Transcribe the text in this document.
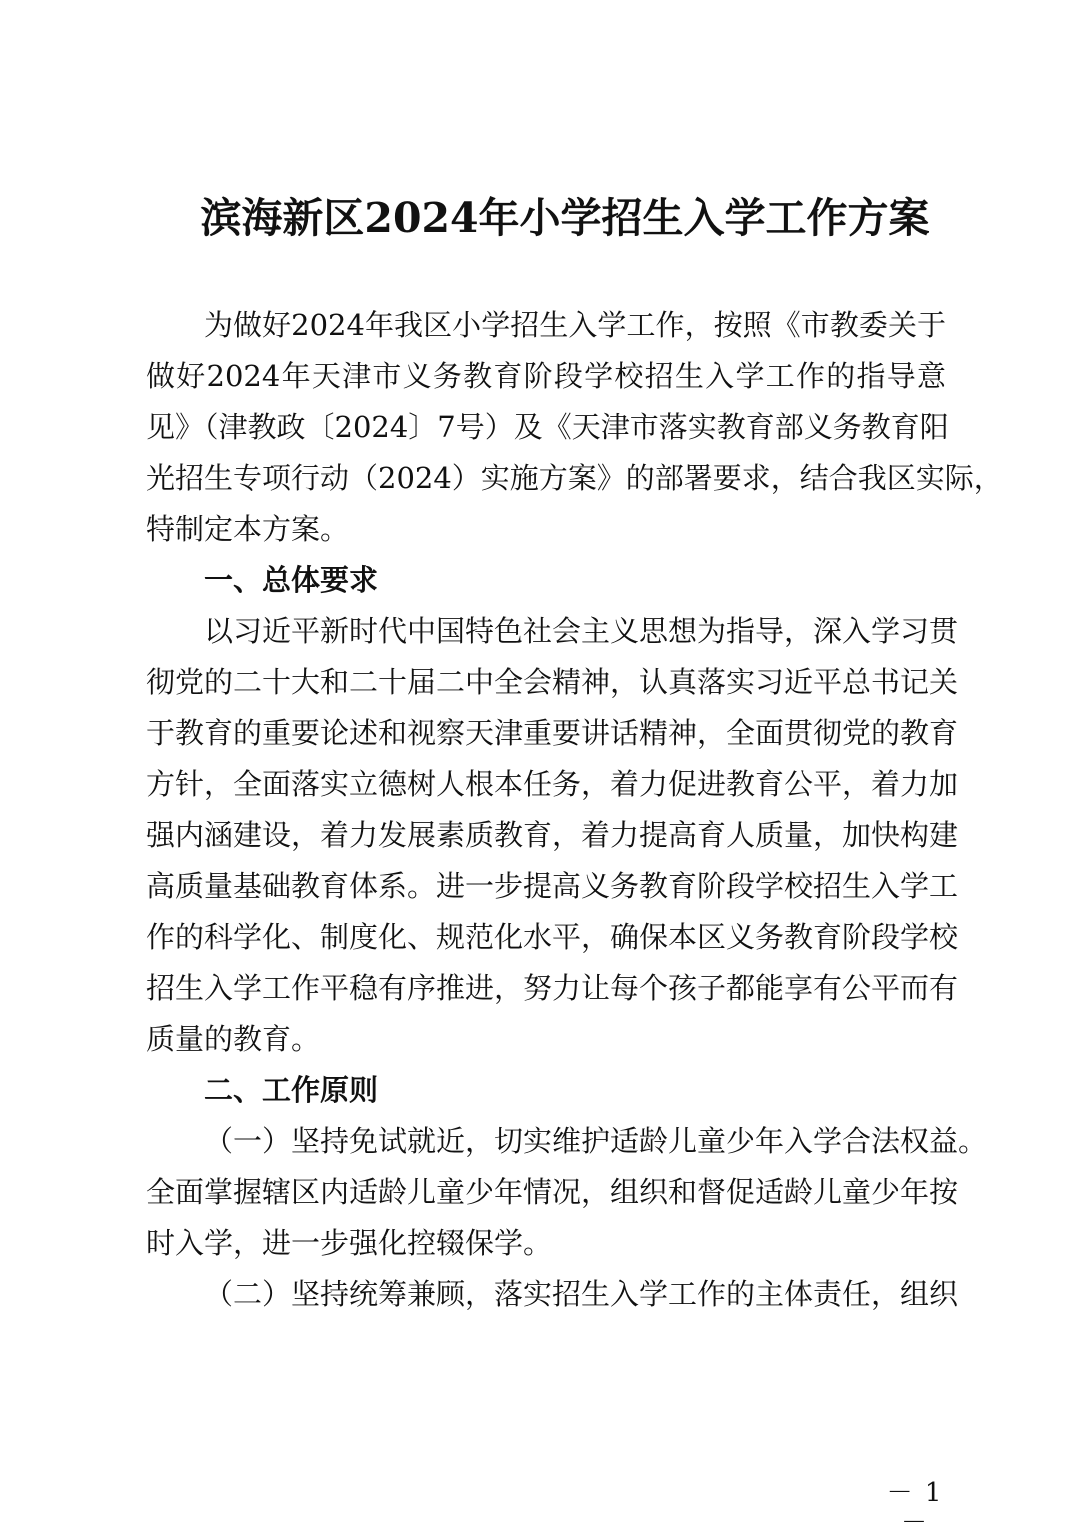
滨海新区2024年小学招生入学工作方案
为做好2024年我区小学招生入学工作，按照《市教委关于
做好2024年天津市义务教育阶段学校招生入学工作的指导意
见》（津教政〔2024〕7号）及《天津市落实教育部义务教育阳
光招生专项行动（2024）实施方案》的部署要求，结合我区实际，
特制定本方案。
一、总体要求
以习近平新时代中国特色社会主义思想为指导，深入学习贯
彻党的二十大和二十届二中全会精神，认真落实习近平总书记关
于教育的重要论述和视察天津重要讲话精神，全面贯彻党的教育
方针，全面落实立德树人根本任务，着力促进教育公平，着力加
强内涵建设，着力发展素质教育，着力提高育人质量，加快构建
高质量基础教育体系。进一步提高义务教育阶段学校招生入学工
作的科学化、制度化、规范化水平，确保本区义务教育阶段学校
招生入学工作平稳有序推进，努力让每个孩子都能享有公平而有
质量的教育。
二、工作原则
（一）坚持免试就近，切实维护适龄儿童少年入学合法权益。
全面掌握辖区内适龄儿童少年情况，组织和督促适龄儿童少年按
时入学，进一步强化控辍保学。
（二）坚持统筹兼顾，落实招生入学工作的主体责任，组织
－ 1 －
